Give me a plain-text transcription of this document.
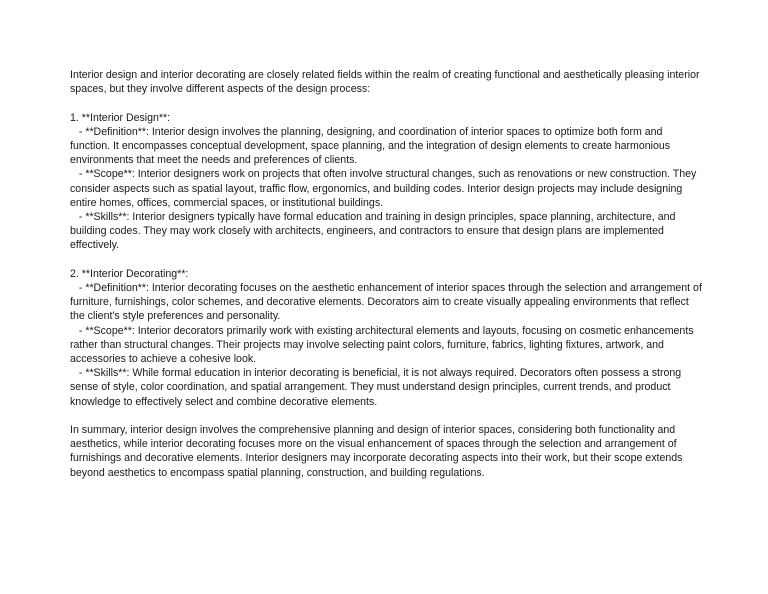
Interior design and interior decorating are closely related fields within the realm of creating functional and aesthetically pleasing interior spaces, but they involve different aspects of the design process:

1. **Interior Design**:

- **Definition**: Interior design involves the planning, designing, and coordination of interior spaces to optimize both form and function. It encompasses conceptual development, space planning, and the integration of design elements to create harmonious environments that meet the needs and preferences of clients.

- **Scope**: Interior designers work on projects that often involve structural changes, such as renovations or new construction. They consider aspects such as spatial layout, traffic flow, ergonomics, and building codes. Interior design projects may include designing entire homes, offices, commercial spaces, or institutional buildings.

- **Skills**: Interior designers typically have formal education and training in design principles, space planning, architecture, and building codes. They may work closely with architects, engineers, and contractors to ensure that design plans are implemented effectively.

2. **Interior Decorating**:

- **Definition**: Interior decorating focuses on the aesthetic enhancement of interior spaces through the selection and arrangement of furniture, furnishings, color schemes, and decorative elements. Decorators aim to create visually appealing environments that reflect the client's style preferences and personality.

- **Scope**: Interior decorators primarily work with existing architectural elements and layouts, focusing on cosmetic enhancements rather than structural changes. Their projects may involve selecting paint colors, furniture, fabrics, lighting fixtures, artwork, and accessories to achieve a cohesive look.

- **Skills**: While formal education in interior decorating is beneficial, it is not always required. Decorators often possess a strong sense of style, color coordination, and spatial arrangement. They must understand design principles, current trends, and product knowledge to effectively select and combine decorative elements.

In summary, interior design involves the comprehensive planning and design of interior spaces, considering both functionality and aesthetics, while interior decorating focuses more on the visual enhancement of spaces through the selection and arrangement of furnishings and decorative elements. Interior designers may incorporate decorating aspects into their work, but their scope extends beyond aesthetics to encompass spatial planning, construction, and building regulations.
